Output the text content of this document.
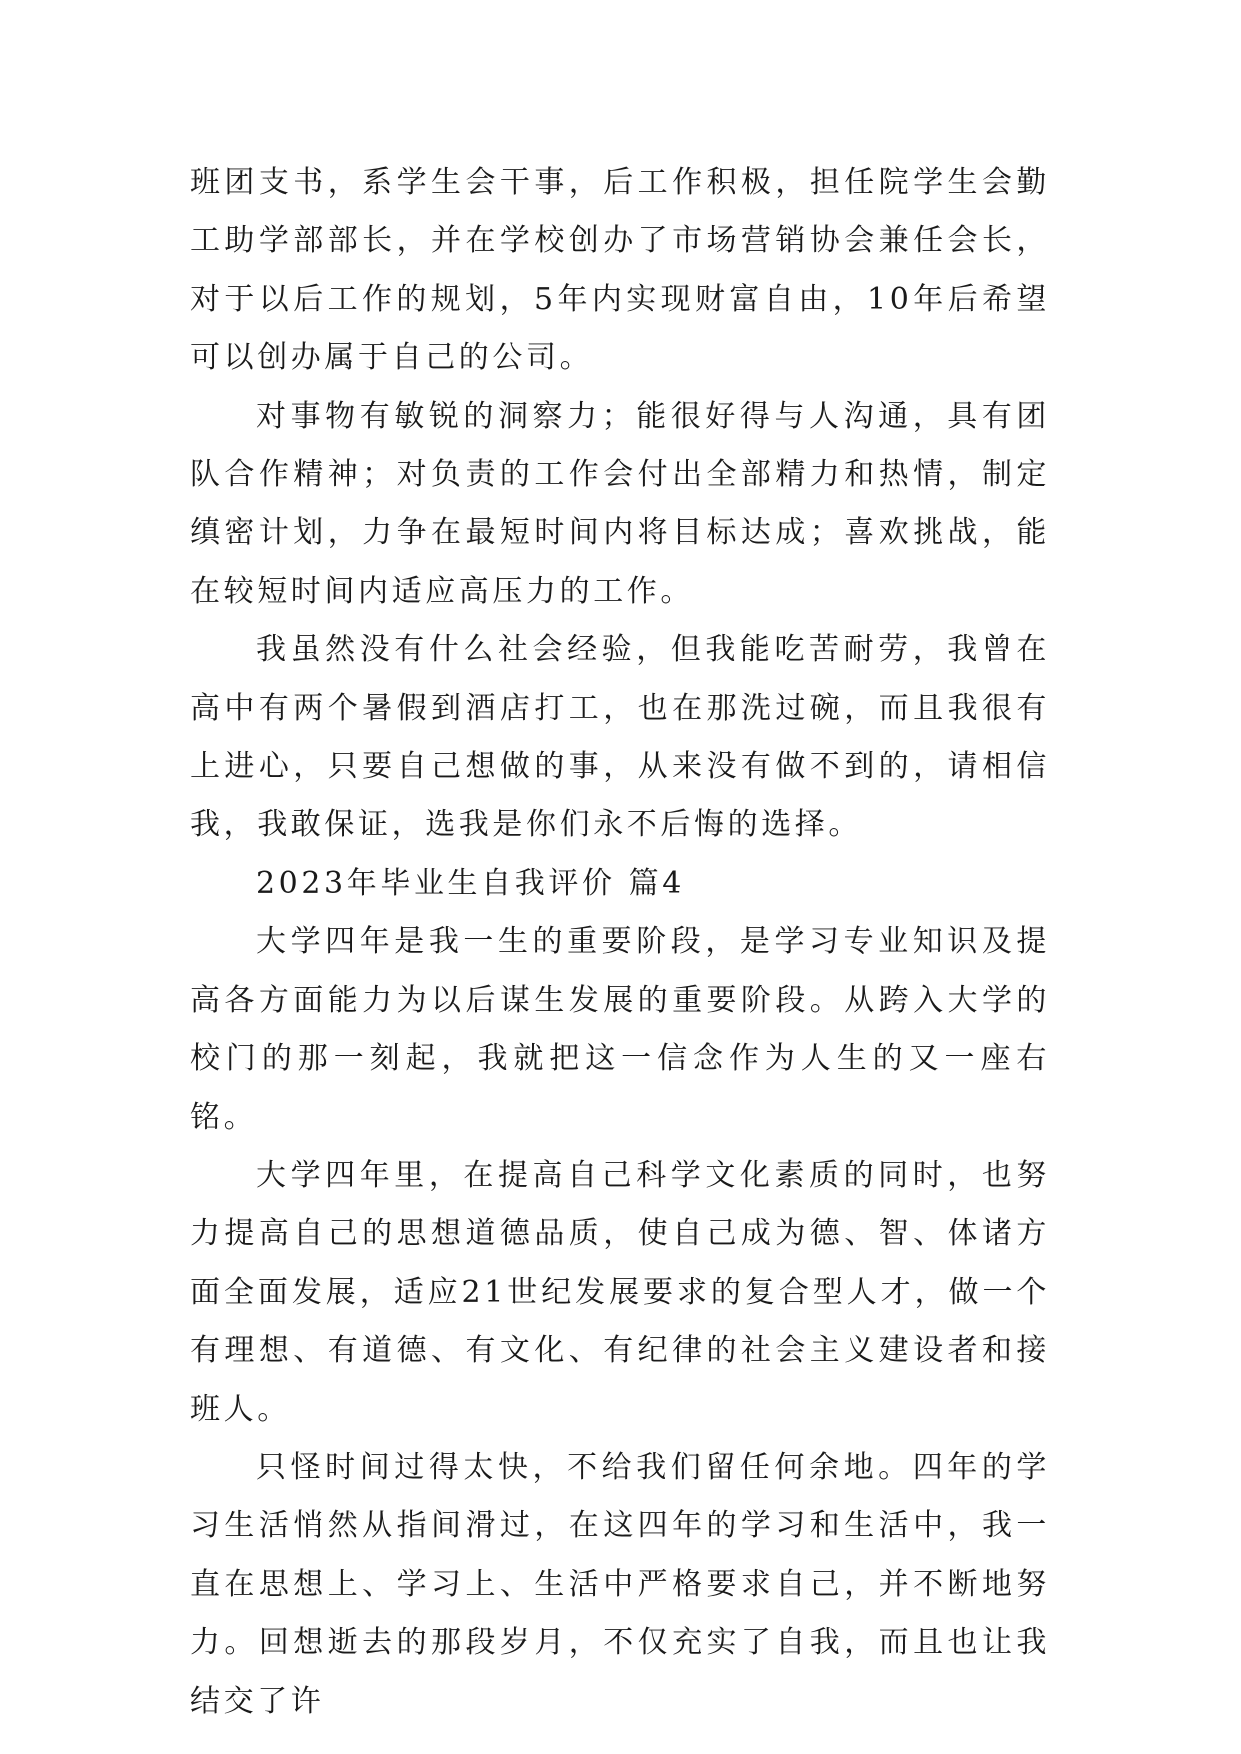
班团支书，系学生会干事，后工作积极，担任院学生会勤工助学部部长，并在学校创办了市场营销协会兼任会长，对于以后工作的规划，5年内实现财富自由，10年后希望可以创办属于自己的公司。

对事物有敏锐的洞察力；能很好得与人沟通，具有团队合作精神；对负责的工作会付出全部精力和热情，制定缜密计划，力争在最短时间内将目标达成；喜欢挑战，能在较短时间内适应高压力的工作。

我虽然没有什么社会经验，但我能吃苦耐劳，我曾在高中有两个暑假到酒店打工，也在那洗过碗，而且我很有上进心，只要自己想做的事，从来没有做不到的，请相信我，我敢保证，选我是你们永不后悔的选择。

2023年毕业生自我评价 篇4

大学四年是我一生的重要阶段，是学习专业知识及提高各方面能力为以后谋生发展的重要阶段。从跨入大学的校门的那一刻起，我就把这一信念作为人生的又一座右铭。

大学四年里，在提高自己科学文化素质的同时，也努力提高自己的思想道德品质，使自己成为德、智、体诸方面全面发展，适应21世纪发展要求的复合型人才，做一个有理想、有道德、有文化、有纪律的社会主义建设者和接班人。

只怪时间过得太快，不给我们留任何余地。四年的学习生活悄然从指间滑过，在这四年的学习和生活中，我一直在思想上、学习上、生活中严格要求自己，并不断地努力。回想逝去的那段岁月，不仅充实了自我，而且也让我结交了许
